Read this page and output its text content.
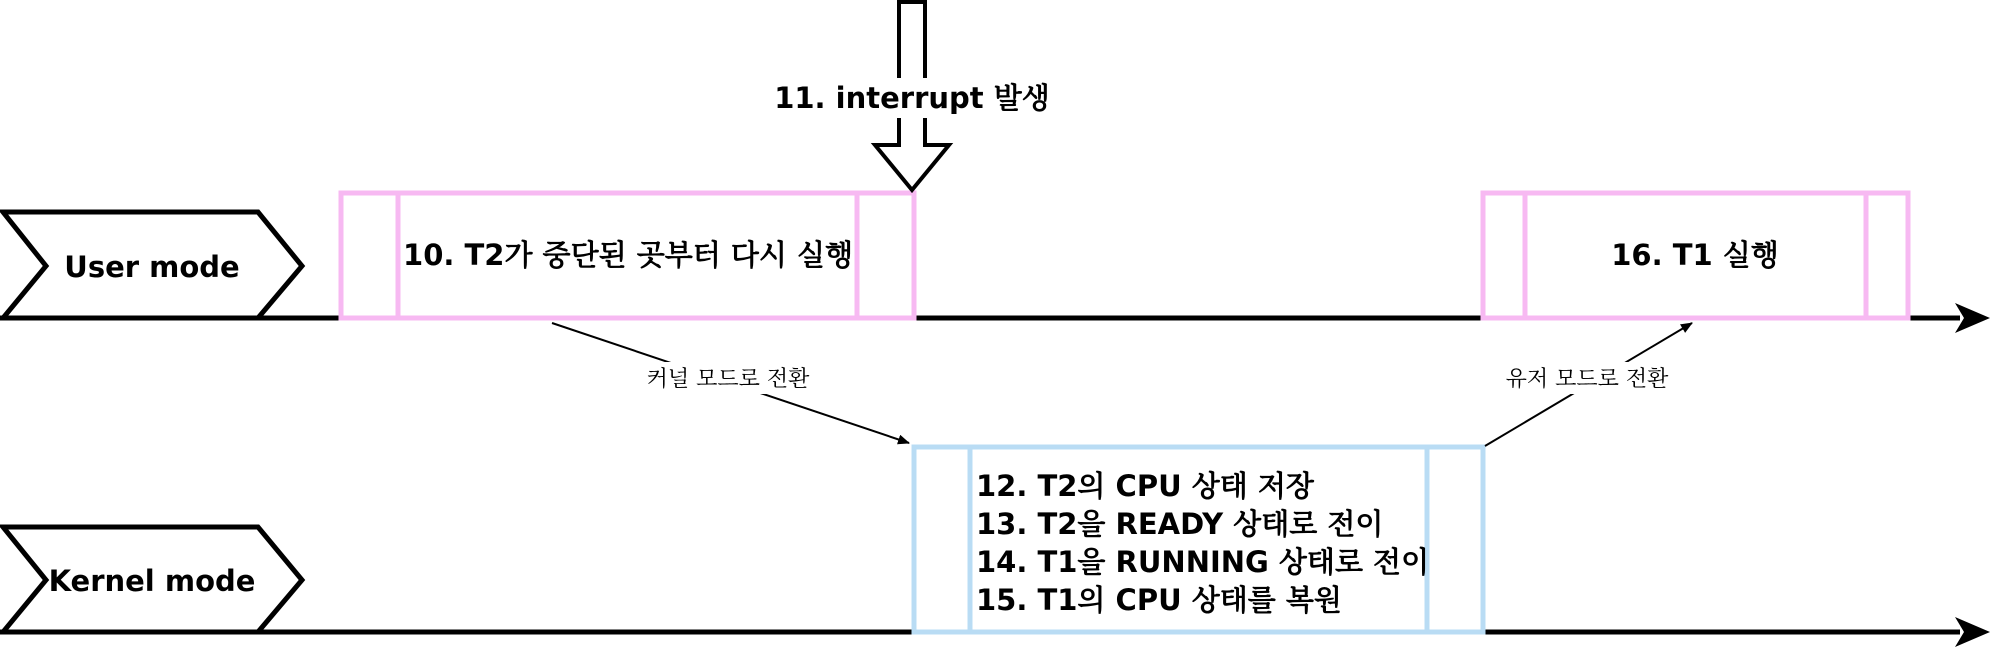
User mode
Kernel mode
10. T2가 중단된 곳부터 다시 실행	16. T1 실행
12. T2의 CPU 상태 저장
13. T2을 READY 상태로 전이
14. T1을 RUNNING 상태로 전이
15. T1의 CPU 상태를 복원
11. interrupt 발생
커널 모드로 전환	유저 모드로 전환
